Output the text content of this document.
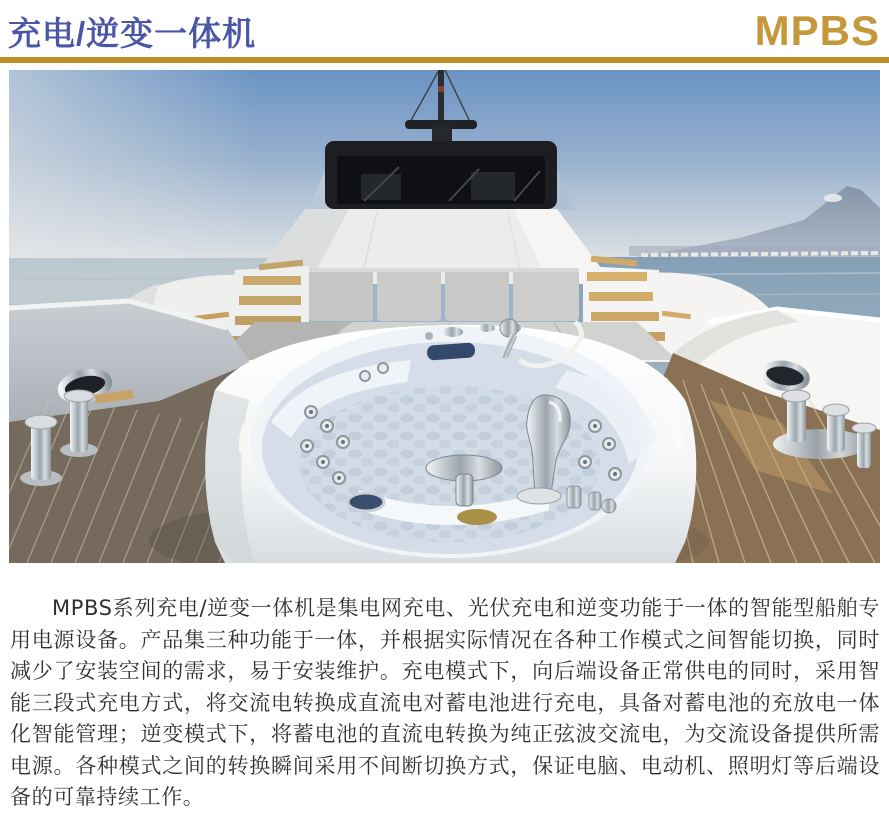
充电/逆变一体机	MPBS

MPBS系列充电/逆变一体机是集电网充电、光伏充电和逆变功能于一体的智能型船舶专用电源设备。产品集三种功能于一体，并根据实际情况在各种工作模式之间智能切换，同时减少了安装空间的需求，易于安装维护。充电模式下，向后端设备正常供电的同时，采用智能三段式充电方式，将交流电转换成直流电对蓄电池进行充电，具备对蓄电池的充放电一体化智能管理；逆变模式下，将蓄电池的直流电转换为纯正弦波交流电，为交流设备提供所需电源。各种模式之间的转换瞬间采用不间断切换方式，保证电脑、电动机、照明灯等后端设备的可靠持续工作。
